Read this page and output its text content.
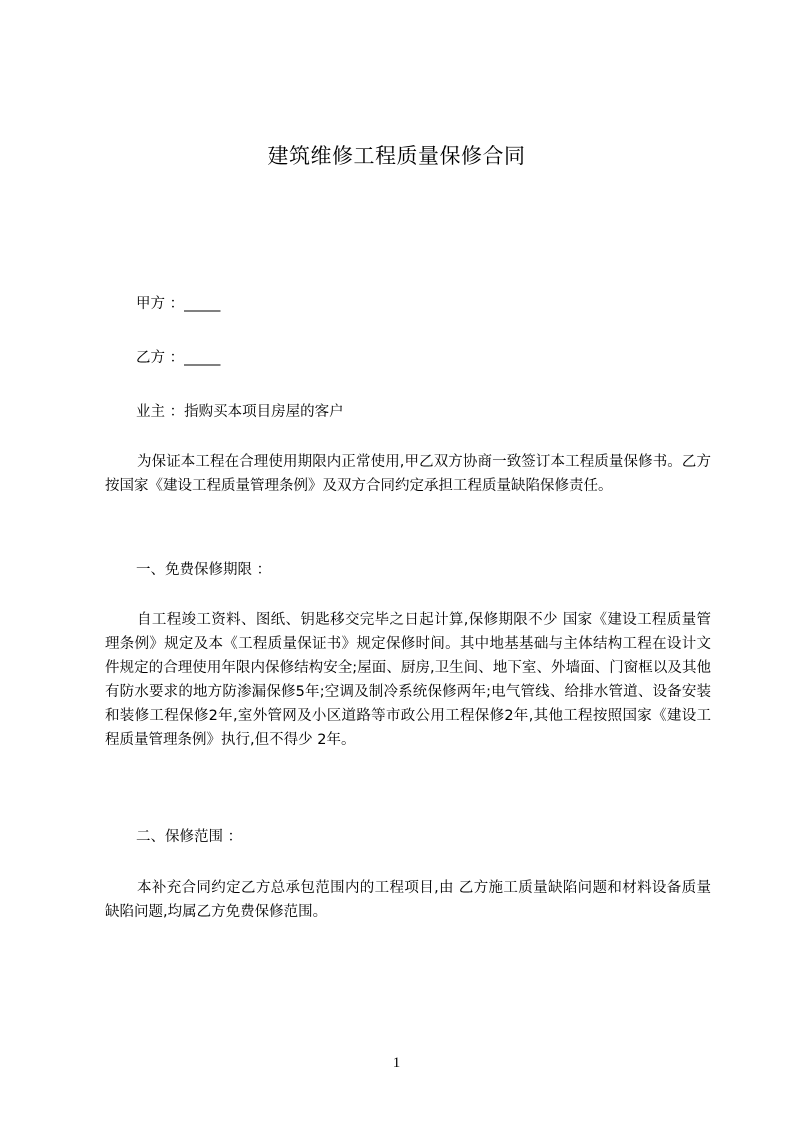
建筑维修工程质量保修合同
甲方 ：_____
乙方 ：_____
业主 ：指购买本项目房屋的客户

为保证本工程在合理使用期限内正常使用,甲乙双方协商一致签订本工程质量保修书。乙方按国家《建设工程质量管理条例》及双方合同约定承担工程质量缺陷保修责任。

一、免费保修期限 ：

自工程竣工资料、图纸、钥匙移交完毕之日起计算,保修期限不少 国家《建设工程质量管理条例》规定及本《工程质量保证书》规定保修时间。其中地基基础与主体结构工程在设计文件规定的合理使用年限内保修结构安全;屋面、厨房,卫生间、地下室、外墙面、门窗框以及其他有防水要求的地方防渗漏保修5年;空调及制冷系统保修两年;电气管线、给排水管道、设备安装和装修工程保修2年,室外管网及小区道路等市政公用工程保修2年,其他工程按照国家《建设工程质量管理条例》执行,但不得少 2年。

二、保修范围 ：

本补充合同约定乙方总承包范围内的工程项目,由 乙方施工质量缺陷问题和材料设备质量缺陷问题,均属乙方免费保修范围。

1
